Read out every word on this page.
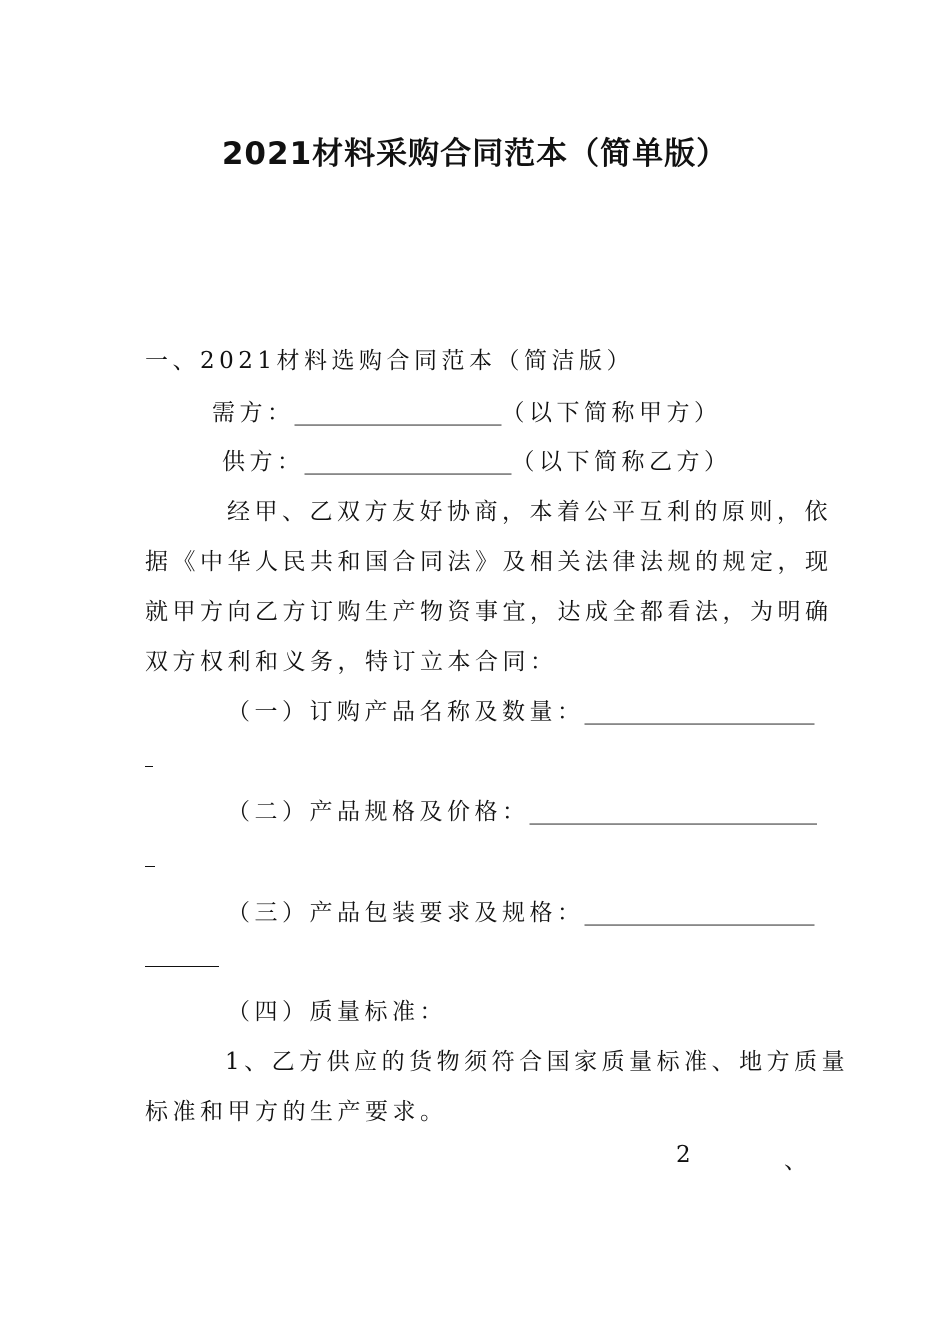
2021材料采购合同范本（简单版）
一、2021材料选购合同范本（简洁版）
需方：__________________（以下简称甲方）
供方：__________________（以下简称乙方）
经甲、乙双方友好协商，本着公平互利的原则，依
据《中华人民共和国合同法》及相关法律法规的规定，现
就甲方向乙方订购生产物资事宜，达成全都看法，为明确
双方权利和义务，特订立本合同：
（一）订购产品名称及数量：____________________
（二）产品规格及价格：_________________________
（三）产品包装要求及规格：____________________
（四）质量标准：
1、乙方供应的货物须符合国家质量标准、地方质量
标准和甲方的生产要求。
2	、
